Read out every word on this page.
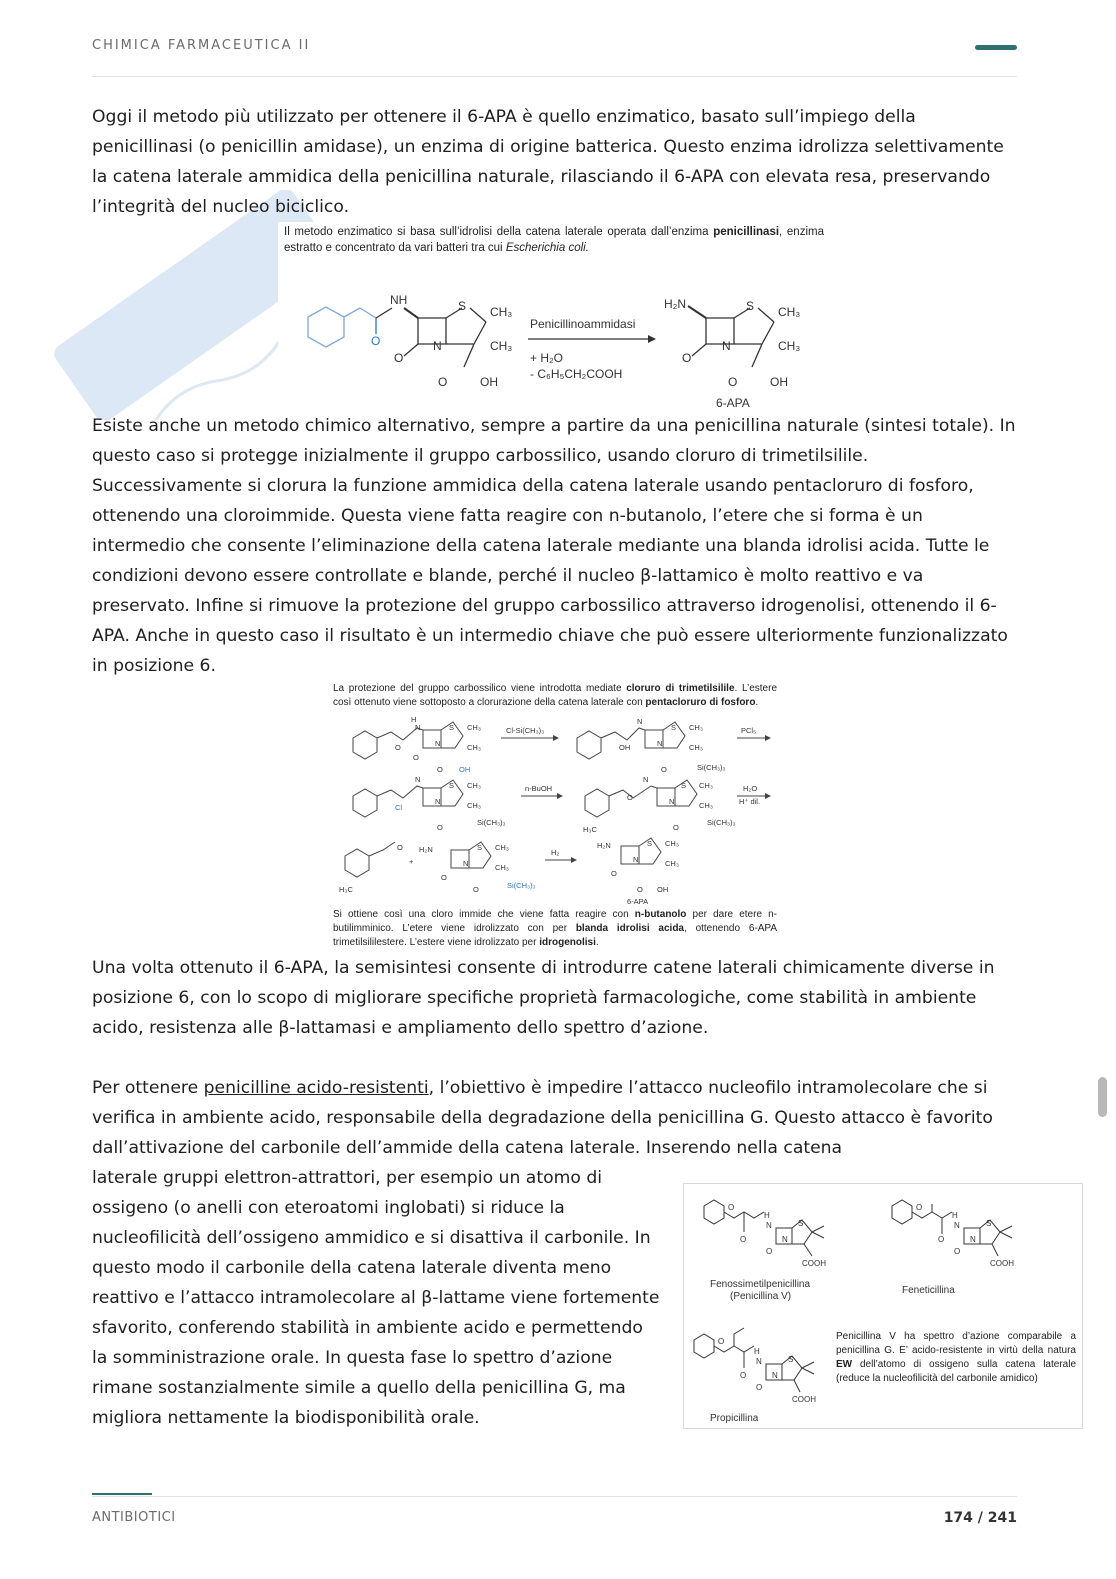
CHIMICA FARMACEUTICA II

Oggi il metodo più utilizzato per ottenere il 6-APA è quello enzimatico, basato sull’impiego della penicillinasi (o penicillin amidase), un enzima di origine batterica. Questo enzima idrolizza selettivamente la catena laterale ammidica della penicillina naturale, rilasciando il 6-APA con elevata resa, preservando l’integrità del nucleo biciclico.

Il metodo enzimatico si basa sull’idrolisi della catena laterale operata dall’enzima penicillinasi, enzima estratto e concentrato da vari batteri tra cui Escherichia coli.
O
NH
O
N
S CH₃
CH₃
O	OH
Penicillinoammidasi
+ H₂O
- C₆H₅CH₂COOH
H₂N
O
N
S CH₃
CH₃
O	OH
6-APA

Esiste anche un metodo chimico alternativo, sempre a partire da una penicillina naturale (sintesi totale). In questo caso si protegge inizialmente il gruppo carbossilico, usando cloruro di trimetilsilile. Successivamente si clorura la funzione ammidica della catena laterale usando pentacloruro di fosforo, ottenendo una cloroimmide. Questa viene fatta reagire con n-butanolo, l’etere che si forma è un intermedio che consente l’eliminazione della catena laterale mediante una blanda idrolisi acida. Tutte le condizioni devono essere controllate e blande, perché il nucleo β-lattamico è molto reattivo e va preservato. Infine si rimuove la protezione del gruppo carbossilico attraverso idrogenolisi, ottenendo il 6-APA. Anche in questo caso il risultato è un intermedio chiave che può essere ulteriormente funzionalizzato in posizione 6.

La protezione del gruppo carbossilico viene introdotta mediate cloruro di trimetilsilile. L’estere così ottenuto viene sottoposto a clorurazione della catena laterale con pentacloruro di fosforo.
Cl-Si(CH₃)₃	PCl₅
n-BuOH	H₂O
H⁺ dil.
H₂
H
N	S CH₃
CH₃
N
O
O
O OH
N
S CH₃
CH₃
N
OH
O	Si(CH₃)₃
N
S CH₃
CH₃
N
Cl
O
Si(CH₃)₃
N
S CH₃
CH₃
N
O
H₃C	O
Si(CH₃)₃
O
H₃C
+
H₂N	S CH₃
CH₃
N
O
O	Si(CH₃)₃
H₂N	S CH₃
CH₃
N
O
O OH
6-APA
Si ottiene così una cloro immide che viene fatta reagire con n-butanolo per dare etere n-butilimminico. L’etere viene idrolizzato con per blanda idrolisi acida, ottenendo 6-APA trimetilsililestere. L’estere viene idrolizzato per idrogenolisi.

Una volta ottenuto il 6-APA, la semisintesi consente di introdurre catene laterali chimicamente diverse in posizione 6, con lo scopo di migliorare specifiche proprietà farmacologiche, come stabilità in ambiente acido, resistenza alle β-lattamasi e ampliamento dello spettro d’azione.

Per ottenere penicilline acido-resistenti, l’obiettivo è impedire l’attacco nucleofilo intramolecolare che si verifica in ambiente acido, responsabile della degradazione della penicillina G. Questo attacco è favorito dall’attivazione del carbonile dell’ammide della catena laterale. Inserendo nella catena

laterale gruppi elettron-attrattori, per esempio un atomo di ossigeno (o anelli con eteroatomi inglobati) si riduce la nucleofilicità dell’ossigeno ammidico e si disattiva il carbonile. In questo modo il carbonile della catena laterale diventa meno reattivo e l’attacco intramolecolare al β-lattame viene fortemente sfavorito, conferendo stabilità in ambiente acido e permettendo la somministrazione orale. In questa fase lo spettro d’azione rimane sostanzialmente simile a quello della penicillina G, ma migliora nettamente la biodisponibilità orale.

O
H
N	S
N
O
O
COOH
O
H
N	S
N
O
O
COOH
O
H
N	S
N
O
O
COOH
Fenossimetilpenicillina
(Penicillina V)
Feneticillina
Propicillina
Penicillina V ha spettro d’azione comparabile a penicillina G. E’ acido-resistente in virtù della natura EW dell’atomo di ossigeno sulla catena laterale (reduce la nucleofilicità del carbonile amidico)
ANTIBIOTICI	174 / 241
